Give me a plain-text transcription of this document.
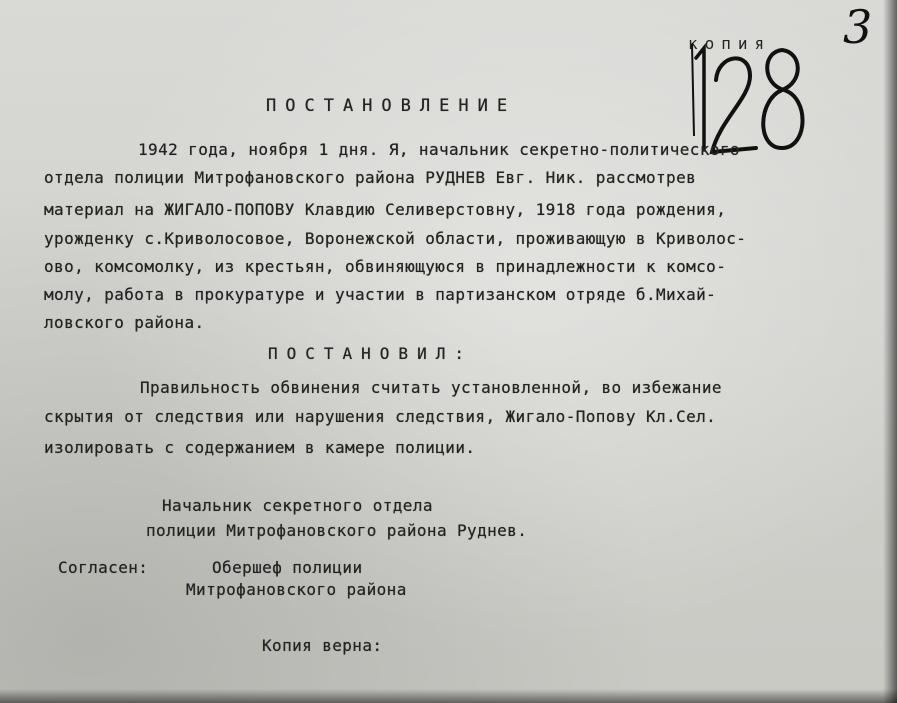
3
копия
ПОСТАНОВЛЕНИЕ
1942 года, ноября 1 дня. Я, начальник секретно-политического
отдела полиции Митрофановского района РУДНЕВ Евг. Ник. рассмотрев
материал на ЖИГАЛО-ПОПОВУ Клавдию Селиверстовну, 1918 года рождения,
урожденку с.Криволосовое, Воронежской области, проживающую в Криволос-
ово, комсомолку, из крестьян, обвиняющуюся в принадлежности к комсо-
молу, работа в прокуратуре и участии в партизанском отряде б.Михай-
ловского района.
ПОСТАНОВИЛ:
Правильность обвинения считать установленной, во избежание
скрытия от следствия или нарушения следствия, Жигало-Попову Кл.Сел.
изолировать с содержанием в камере полиции.
Начальник секретного отдела
полиции Митрофановского района Руднев.
Согласен:	Обершеф полиции
Митрофановского района
Копия верна:
